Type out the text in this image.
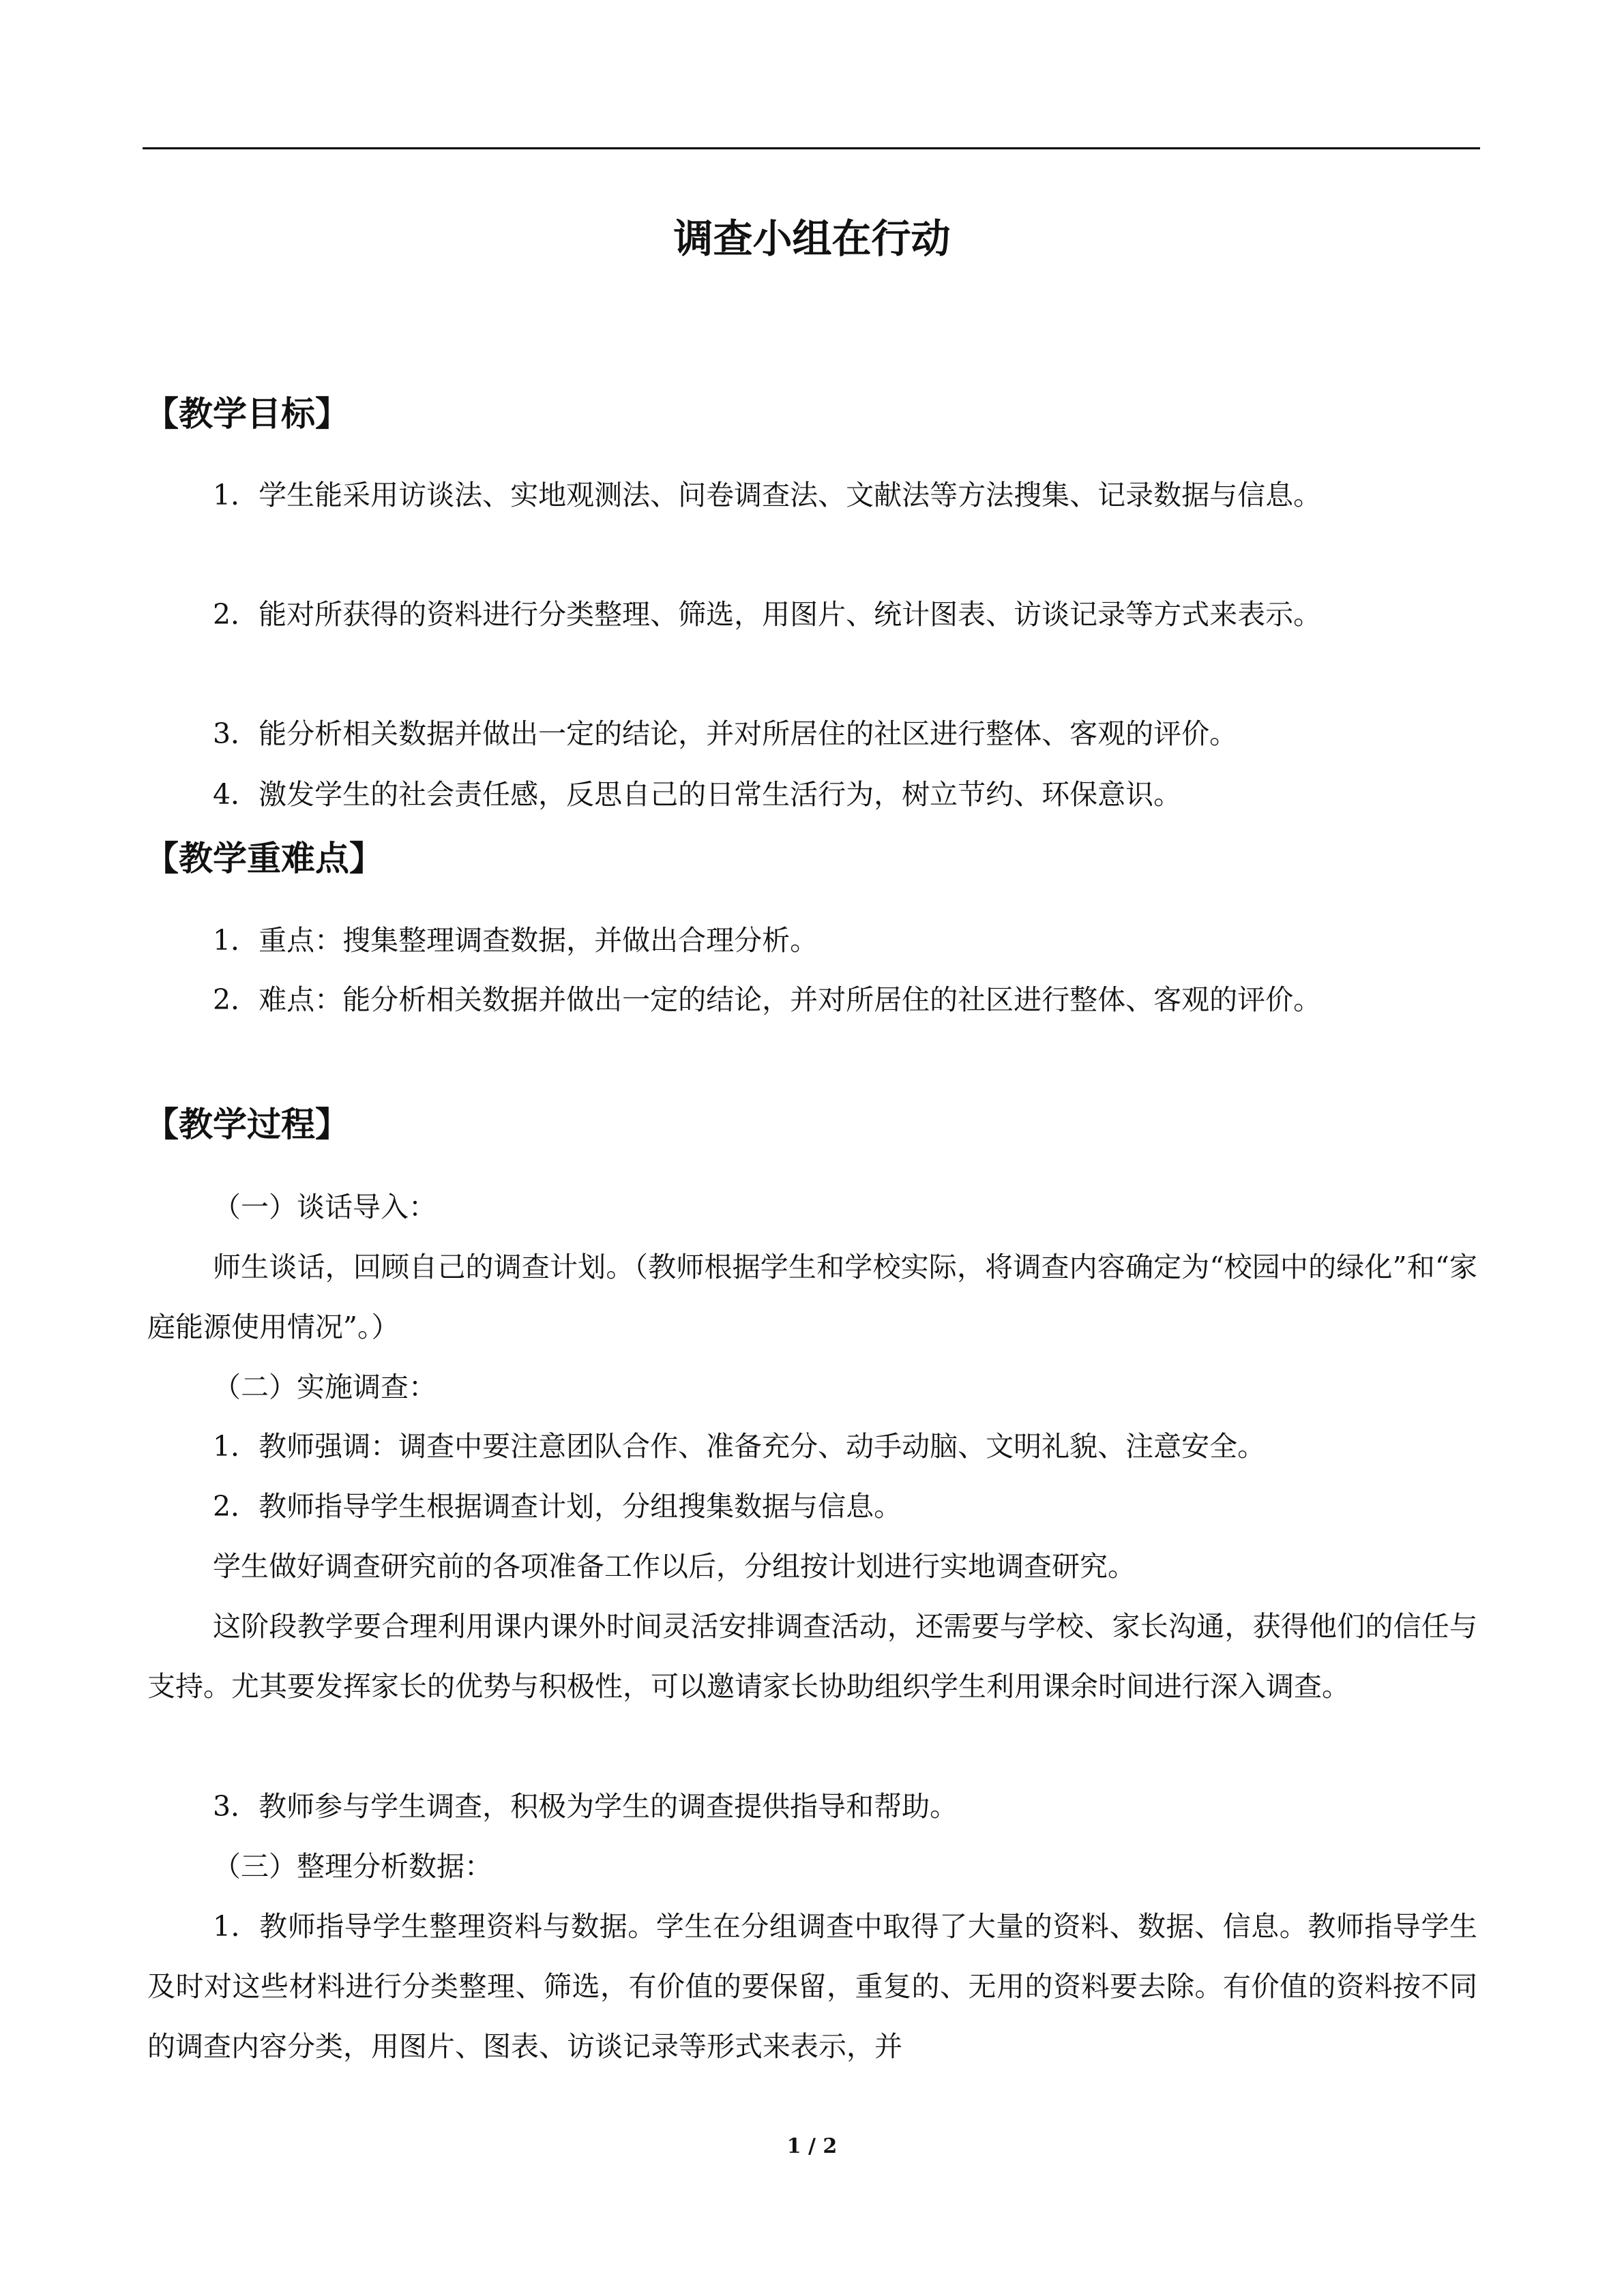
调查小组在行动
【教学目标】

1．学生能采用访谈法、实地观测法、问卷调查法、文献法等方法搜集、记录数据与信息。

2．能对所获得的资料进行分类整理、筛选，用图片、统计图表、访谈记录等方式来表示。

3．能分析相关数据并做出一定的结论，并对所居住的社区进行整体、客观的评价。

4．激发学生的社会责任感，反思自己的日常生活行为，树立节约、环保意识。

【教学重难点】

1．重点：搜集整理调查数据，并做出合理分析。

2．难点：能分析相关数据并做出一定的结论，并对所居住的社区进行整体、客观的评价。

【教学过程】

（一）谈话导入：

师生谈话，回顾自己的调查计划。（教师根据学生和学校实际，将调查内容确定为“校园中的绿化”和“家庭能源使用情况”。）

（二）实施调查：

1．教师强调：调查中要注意团队合作、准备充分、动手动脑、文明礼貌、注意安全。

2．教师指导学生根据调查计划，分组搜集数据与信息。

学生做好调查研究前的各项准备工作以后，分组按计划进行实地调查研究。

这阶段教学要合理利用课内课外时间灵活安排调查活动，还需要与学校、家长沟通，获得他们的信任与支持。尤其要发挥家长的优势与积极性，可以邀请家长协助组织学生利用课余时间进行深入调查。

3．教师参与学生调查，积极为学生的调查提供指导和帮助。

（三）整理分析数据：

1．教师指导学生整理资料与数据。学生在分组调查中取得了大量的资料、数据、信息。教师指导学生及时对这些材料进行分类整理、筛选，有价值的要保留，重复的、无用的资料要去除。有价值的资料按不同的调查内容分类，用图片、图表、访谈记录等形式来表示，并

1 / 2
